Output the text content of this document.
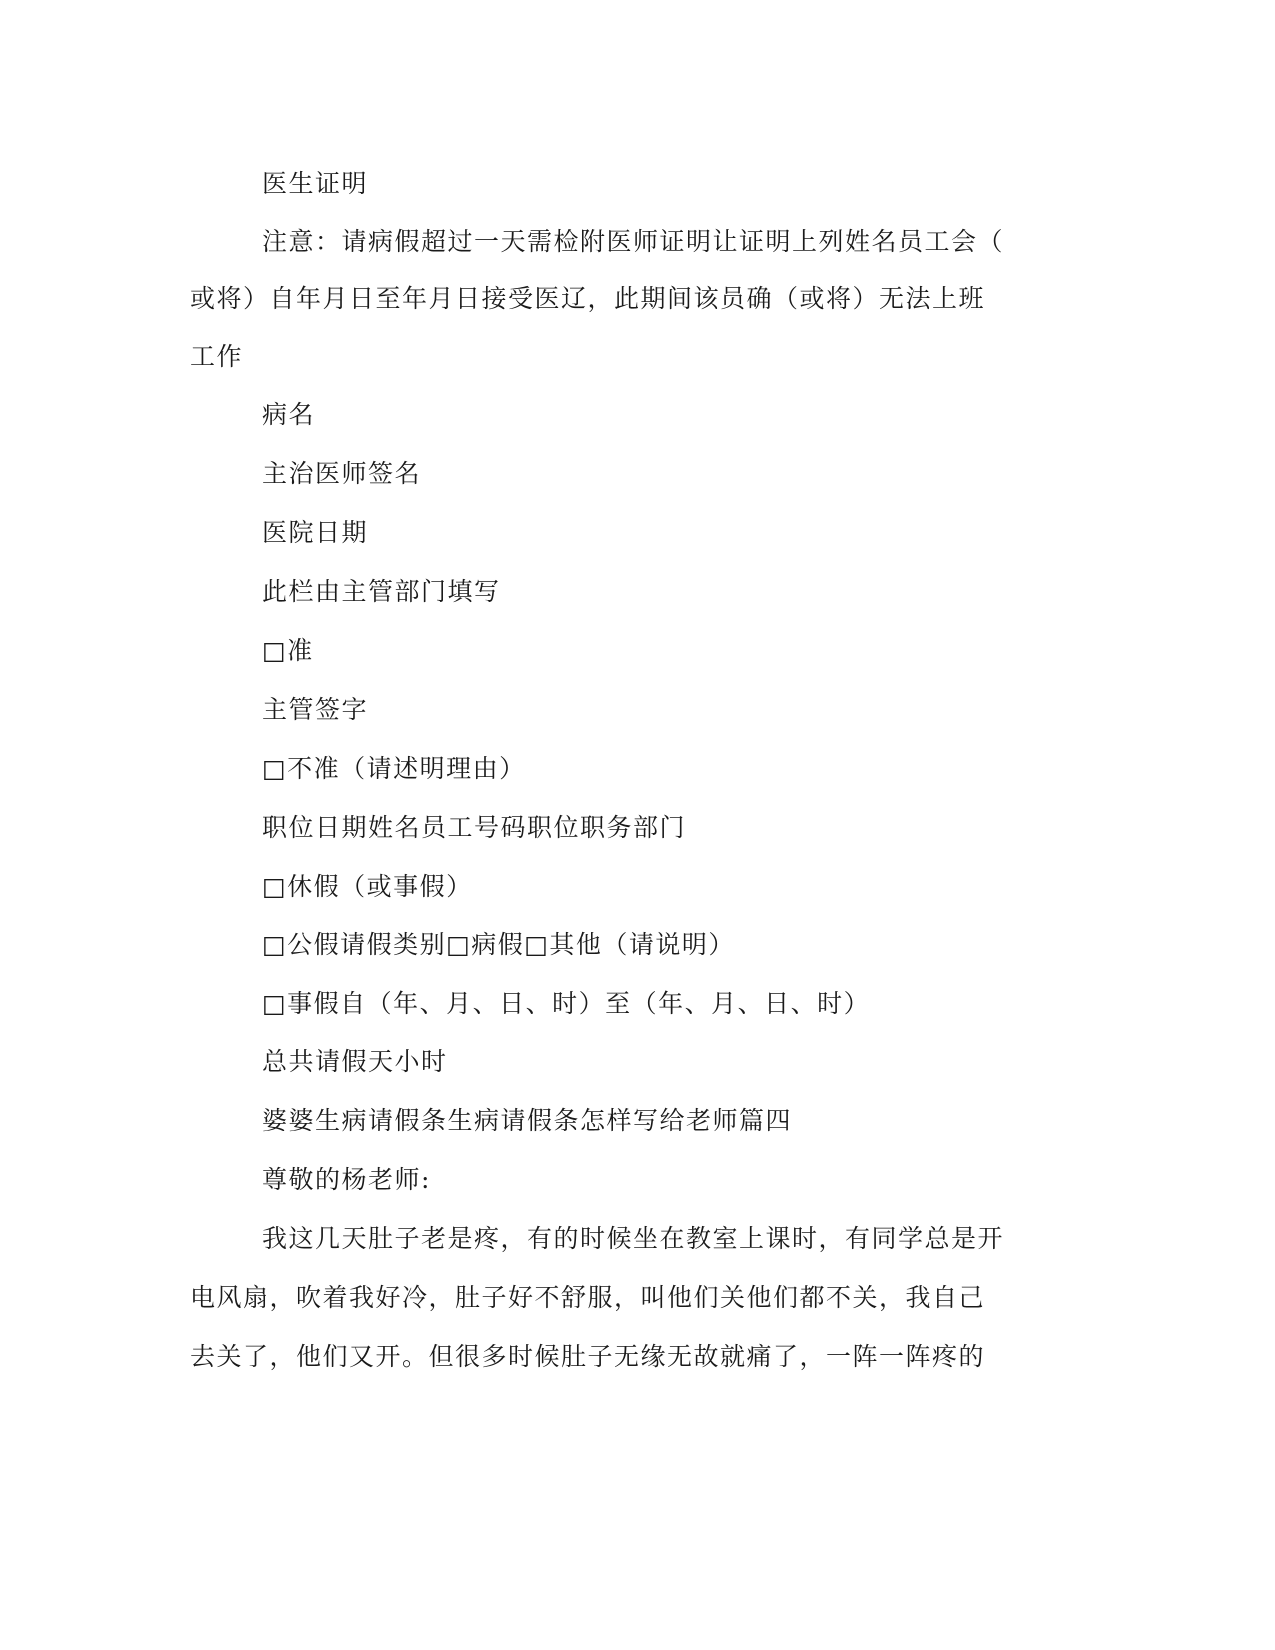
医生证明
注意：请病假超过一天需检附医师证明让证明上列姓名员工会（
或将）自年月日至年月日接受医辽，此期间该员确（或将）无法上班
工作
病名
主治医师签名
医院日期
此栏由主管部门填写
□准
主管签字
□不准（请述明理由）
职位日期姓名员工号码职位职务部门
□休假（或事假）
□公假请假类别□病假□其他（请说明）
□事假自（年、月、日、时）至（年、月、日、时）
总共请假天小时
婆婆生病请假条生病请假条怎样写给老师篇四
尊敬的杨老师:
我这几天肚子老是疼，有的时候坐在教室上课时，有同学总是开
电风扇，吹着我好冷，肚子好不舒服，叫他们关他们都不关，我自己
去关了，他们又开。但很多时候肚子无缘无故就痛了，一阵一阵疼的
